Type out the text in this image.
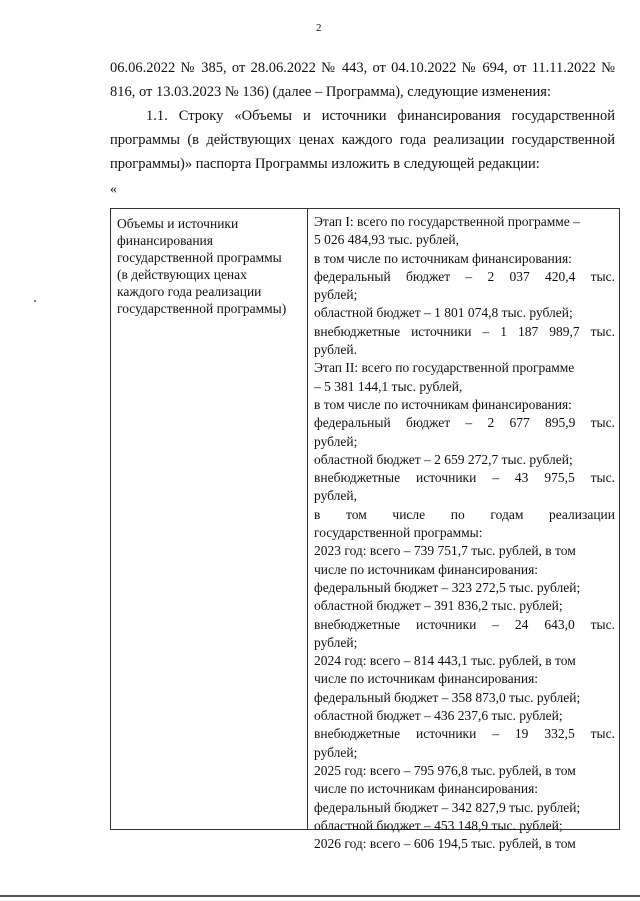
2
06.06.2022 № 385, от 28.06.2022 № 443, от 04.10.2022 № 694, от 11.11.2022 № 816, от 13.03.2023 № 136) (далее – Программа), следующие изменения:
1.1. Строку «Объемы и источники финансирования государственной программы (в действующих ценах каждого года реализации государственной программы)» паспорта Программы изложить в следующей редакции:
«
Объемы и источники
финансирования
государственной программы
(в действующих ценах
каждого года реализации
государственной программы)
Этап I: всего по государственной программе –
5 026 484,93 тыс. рублей,
в том числе по источникам финансирования:
федеральный бюджет – 2 037 420,4 тыс.
рублей;
областной бюджет – 1 801 074,8 тыс. рублей;
внебюджетные источники – 1 187 989,7 тыс.
рублей.
Этап II: всего по государственной программе
– 5 381 144,1 тыс. рублей,
в том числе по источникам финансирования:
федеральный бюджет – 2 677 895,9 тыс.
рублей;
областной бюджет – 2 659 272,7 тыс. рублей;
внебюджетные источники – 43 975,5 тыс.
рублей,
в том числе по годам реализации
государственной программы:
2023 год: всего – 739 751,7 тыс. рублей, в том
числе по источникам финансирования:
федеральный бюджет – 323 272,5 тыс. рублей;
областной бюджет – 391 836,2 тыс. рублей;
внебюджетные источники – 24 643,0 тыс.
рублей;
2024 год: всего – 814 443,1 тыс. рублей, в том
числе по источникам финансирования:
федеральный бюджет – 358 873,0 тыс. рублей;
областной бюджет – 436 237,6 тыс. рублей;
внебюджетные источники – 19 332,5 тыс.
рублей;
2025 год: всего – 795 976,8 тыс. рублей, в том
числе по источникам финансирования:
федеральный бюджет – 342 827,9 тыс. рублей;
областной бюджет – 453 148,9 тыс. рублей;
2026 год: всего – 606 194,5 тыс. рублей, в том
